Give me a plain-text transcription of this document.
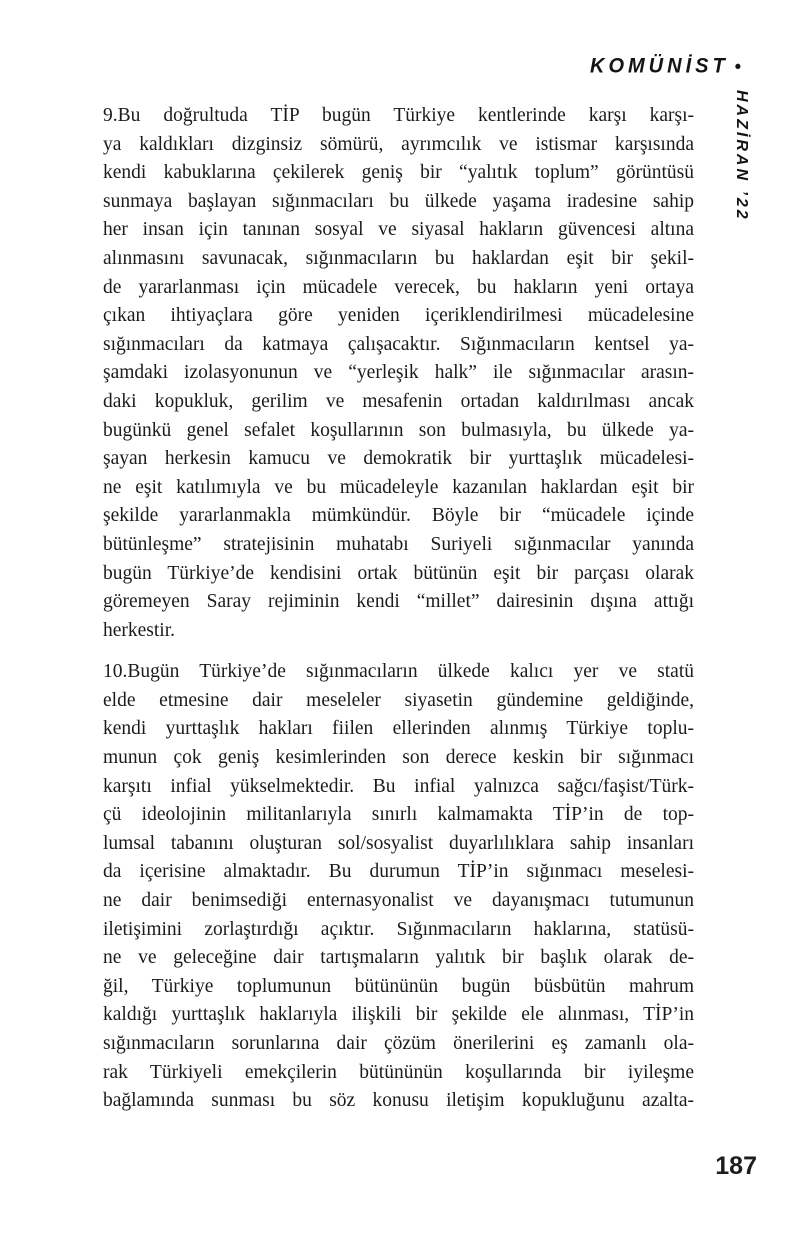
KOMÜNİST •
HAZİRAN ’22
9.Bu doğrultuda TİP bugün Türkiye kentlerinde karşı karşı-
ya kaldıkları dizginsiz sömürü, ayrımcılık ve istismar karşısında
kendi kabuklarına çekilerek geniş bir “yalıtık toplum” görüntüsü
sunmaya başlayan sığınmacıları bu ülkede yaşama iradesine sahip
her insan için tanınan sosyal ve siyasal hakların güvencesi altına
alınmasını savunacak, sığınmacıların bu haklardan eşit bir şekil-
de yararlanması için mücadele verecek, bu hakların yeni ortaya
çıkan ihtiyaçlara göre yeniden içeriklendirilmesi mücadelesine
sığınmacıları da katmaya çalışacaktır. Sığınmacıların kentsel ya-
şamdaki izolasyonunun ve “yerleşik halk” ile sığınmacılar arasın-
daki kopukluk, gerilim ve mesafenin ortadan kaldırılması ancak
bugünkü genel sefalet koşullarının son bulmasıyla, bu ülkede ya-
şayan herkesin kamucu ve demokratik bir yurttaşlık mücadelesi-
ne eşit katılımıyla ve bu mücadeleyle kazanılan haklardan eşit bir
şekilde yararlanmakla mümkündür. Böyle bir “mücadele içinde
bütünleşme” stratejisinin muhatabı Suriyeli sığınmacılar yanında
bugün Türkiye’de kendisini ortak bütünün eşit bir parçası olarak
göremeyen Saray rejiminin kendi “millet” dairesinin dışına attığı
herkestir.
10.Bugün Türkiye’de sığınmacıların ülkede kalıcı yer ve statü
elde etmesine dair meseleler siyasetin gündemine geldiğinde,
kendi yurttaşlık hakları fiilen ellerinden alınmış Türkiye toplu-
munun çok geniş kesimlerinden son derece keskin bir sığınmacı
karşıtı infial yükselmektedir. Bu infial yalnızca sağcı/faşist/Türk-
çü ideolojinin militanlarıyla sınırlı kalmamakta TİP’in de top-
lumsal tabanını oluşturan sol/sosyalist duyarlılıklara sahip insanları
da içerisine almaktadır. Bu durumun TİP’in sığınmacı meselesi-
ne dair benimsediği enternasyonalist ve dayanışmacı tutumunun
iletişimini zorlaştırdığı açıktır. Sığınmacıların haklarına, statüsü-
ne ve geleceğine dair tartışmaların yalıtık bir başlık olarak de-
ğil, Türkiye toplumunun bütününün bugün büsbütün mahrum
kaldığı yurttaşlık haklarıyla ilişkili bir şekilde ele alınması, TİP’in
sığınmacıların sorunlarına dair çözüm önerilerini eş zamanlı ola-
rak Türkiyeli emekçilerin bütününün koşullarında bir iyileşme
bağlamında sunması bu söz konusu iletişim kopukluğunu azalta-
187
